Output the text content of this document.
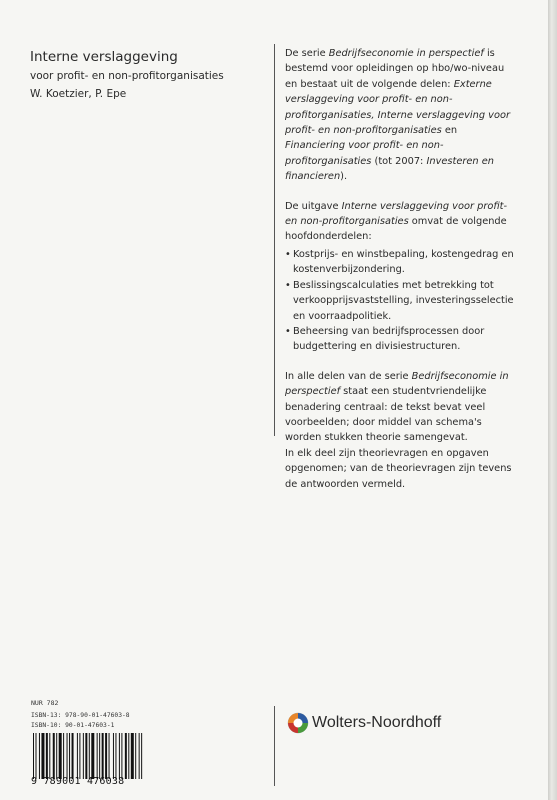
Interne verslaggeving
voor profit- en non-profitorganisaties
W. Koetzier, P. Epe

De serie Bedrijfseconomie in perspectief is bestemd voor opleidingen op hbo/wo-niveau en bestaat uit de volgende delen: Externe verslaggeving voor profit- en non-profitorganisaties, Interne verslaggeving voor profit- en non-profitorganisaties en Financiering voor profit- en non-profitorganisaties (tot 2007: Investeren en financieren).

De uitgave Interne verslaggeving voor profit- en non-profitorganisaties omvat de volgende hoofdonderdelen:

• Kostprijs- en winstbepaling, kostengedrag en kostenverbijzondering.
• Beslissingscalculaties met betrekking tot verkoopprijsvaststelling, investeringsselectie en voorraadpolitiek.
• Beheersing van bedrijfsprocessen door budgettering en divisiestructuren.

In alle delen van de serie Bedrijfseconomie in perspectief staat een studentvriendelijke benadering centraal: de tekst bevat veel voorbeelden; door middel van schema's worden stukken theorie samengevat.

In elk deel zijn theorievragen en opgaven opgenomen; van de theorievragen zijn tevens de antwoorden vermeld.

NUR 782
ISBN-13: 978-90-01-47603-8
ISBN-10: 90-01-47603-1
9 789001 476038
Wolters-Noordhoff
